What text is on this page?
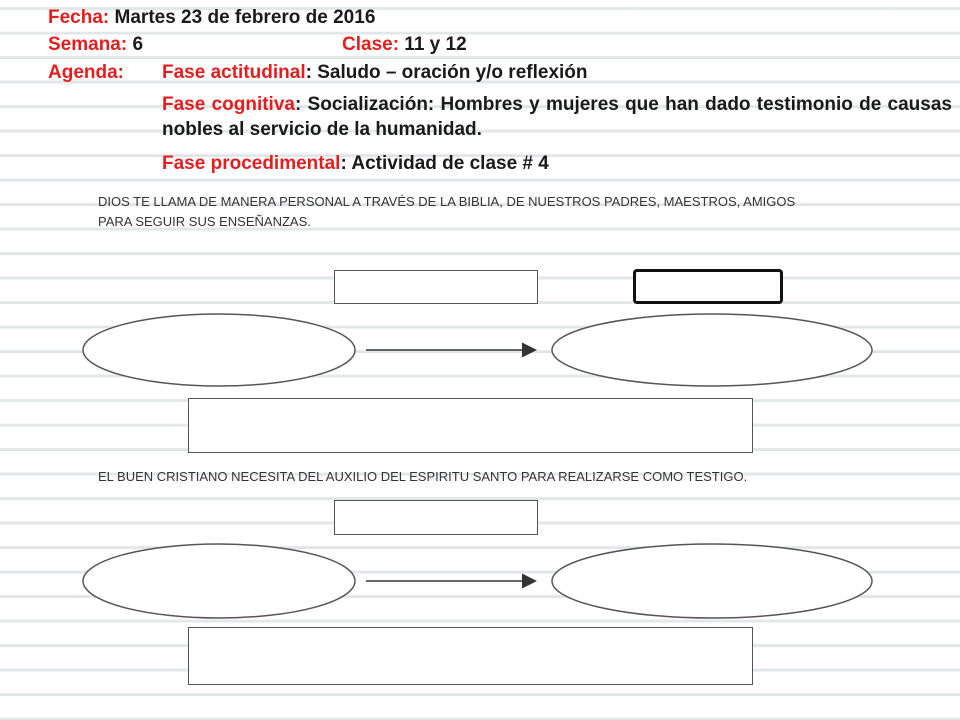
Fecha: Martes 23 de febrero de 2016
Semana: 6	Clase: 11 y 12
Agenda: Fase actitudinal: Saludo – oración y/o reflexión
Fase cognitiva: Socialización: Hombres y mujeres que han dado testimonio de causas nobles al servicio de la humanidad.
Fase procedimental: Actividad de clase # 4
DIOS TE LLAMA DE MANERA PERSONAL A TRAVÉS DE LA BIBLIA, DE NUESTROS PADRES, MAESTROS, AMIGOS PARA SEGUIR SUS ENSEÑANZAS.
EL BUEN CRISTIANO NECESITA DEL AUXILIO DEL ESPIRITU SANTO PARA REALIZARSE COMO TESTIGO.
